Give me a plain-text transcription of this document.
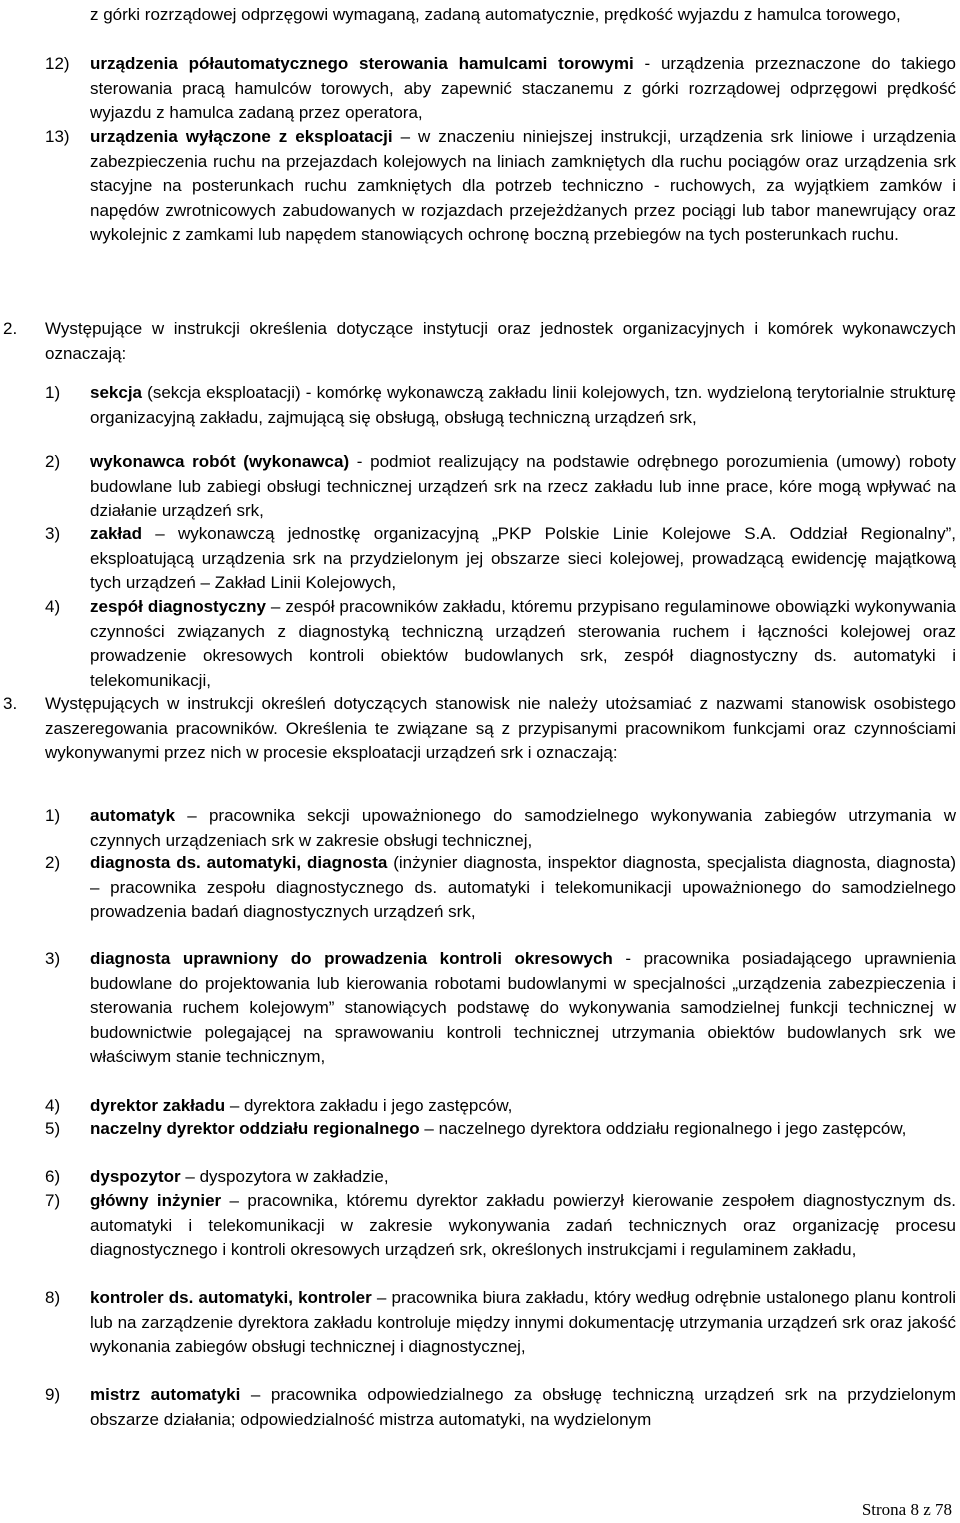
z górki rozrządowej odprzęgowi wymaganą, zadaną automatycznie, prędkość wyjazdu z hamulca torowego,
12)	urządzenia półautomatycznego sterowania hamulcami torowymi - urządzenia przeznaczone do takiego sterowania pracą hamulców torowych, aby zapewnić staczanemu z górki rozrządowej odprzęgowi prędkość wyjazdu z hamulca zadaną przez operatora,
13)	urządzenia wyłączone z eksploatacji – w znaczeniu niniejszej instrukcji, urządzenia srk liniowe i urządzenia zabezpieczenia ruchu na przejazdach kolejowych na liniach zamkniętych dla ruchu pociągów oraz urządzenia srk stacyjne na posterunkach ruchu zamkniętych dla potrzeb techniczno - ruchowych, za wyjątkiem zamków i napędów zwrotnicowych zabudowanych w rozjazdach przejeżdżanych przez pociągi lub tabor manewrujący oraz wykolejnic z zamkami lub napędem stanowiących ochronę boczną przebiegów na tych posterunkach ruchu.
2.	Występujące w instrukcji określenia dotyczące instytucji oraz jednostek organizacyjnych i komórek wykonawczych oznaczają:
1)	sekcja (sekcja eksploatacji) - komórkę wykonawczą zakładu linii kolejowych, tzn. wydzieloną terytorialnie strukturę organizacyjną zakładu, zajmującą się obsługą, obsługą techniczną urządzeń srk,
2)	wykonawca robót (wykonawca) - podmiot realizujący na podstawie odrębnego porozumienia (umowy) roboty budowlane lub zabiegi obsługi technicznej urządzeń srk na rzecz zakładu lub inne prace, kóre mogą wpływać na działanie urządzeń srk,
3)	zakład – wykonawczą jednostkę organizacyjną „PKP Polskie Linie Kolejowe S.A. Oddział Regionalny”, eksploatującą urządzenia srk na przydzielonym jej obszarze sieci kolejowej, prowadzącą ewidencję majątkową tych urządzeń – Zakład Linii Kolejowych,
4)	zespół diagnostyczny – zespół pracowników zakładu, któremu przypisano regulaminowe obowiązki wykonywania czynności związanych z diagnostyką techniczną urządzeń sterowania ruchem i łączności kolejowej oraz prowadzenie okresowych kontroli obiektów budowlanych srk, zespół diagnostyczny ds. automatyki i telekomunikacji,
3.	Występujących w instrukcji określeń dotyczących stanowisk nie należy utożsamiać z nazwami stanowisk osobistego zaszeregowania pracowników. Określenia te związane są z przypisanymi pracownikom funkcjami oraz czynnościami wykonywanymi przez nich w procesie eksploatacji urządzeń srk i oznaczają:
1)	automatyk – pracownika sekcji upoważnionego do samodzielnego wykonywania zabiegów utrzymania w czynnych urządzeniach srk w zakresie obsługi technicznej,
2)	diagnosta ds. automatyki, diagnosta (inżynier diagnosta, inspektor diagnosta, specjalista diagnosta, diagnosta) – pracownika zespołu diagnostycznego ds. automatyki i telekomunikacji upoważnionego do samodzielnego prowadzenia badań diagnostycznych urządzeń srk,
3)	diagnosta uprawniony do prowadzenia kontroli okresowych - pracownika posiadającego uprawnienia budowlane do projektowania lub kierowania robotami budowlanymi w specjalności „urządzenia zabezpieczenia i sterowania ruchem kolejowym” stanowiących podstawę do wykonywania samodzielnej funkcji technicznej w budownictwie polegającej na sprawowaniu kontroli technicznej utrzymania obiektów budowlanych srk we właściwym stanie technicznym,
4)	dyrektor zakładu – dyrektora zakładu i jego zastępców,
5)	naczelny dyrektor oddziału regionalnego – naczelnego dyrektora oddziału regionalnego i jego zastępców,
6)	dyspozytor – dyspozytora w zakładzie,
7)	główny inżynier – pracownika, któremu dyrektor zakładu powierzył kierowanie zespołem diagnostycznym ds. automatyki i telekomunikacji w zakresie wykonywania zadań technicznych oraz organizację procesu diagnostycznego i kontroli okresowych urządzeń srk, określonych instrukcjami i regulaminem zakładu,
8)	kontroler ds. automatyki, kontroler – pracownika biura zakładu, który według odrębnie ustalonego planu kontroli lub na zarządzenie dyrektora zakładu kontroluje między innymi dokumentację utrzymania urządzeń srk oraz jakość wykonania zabiegów obsługi technicznej i diagnostycznej,
9)	mistrz automatyki – pracownika odpowiedzialnego za obsługę techniczną urządzeń srk na przydzielonym obszarze działania; odpowiedzialność mistrza automatyki, na wydzielonym
Strona 8 z 78
